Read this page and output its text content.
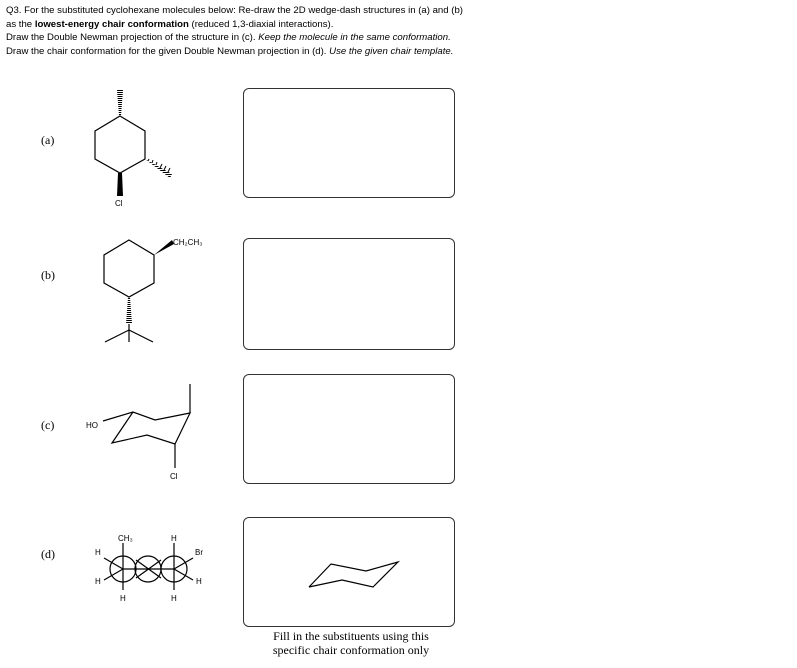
Q3. For the substituted cyclohexane molecules below: Re-draw the 2D wedge-dash structures in (a) and (b)

as the lowest-energy chair conformation (reduced 1,3-diaxial interactions).

Draw the Double Newman projection of the structure in (c). Keep the molecule in the same conformation.

Draw the chair conformation for the given Double Newman projection in (d). Use the given chair template.

(a)
(b)
(c)
(d)
Cl
CH₂CH₃
HO
Cl
CH₃
H
H
H
H
Br
H
H
Fill in the substituents using this
specific chair conformation only
